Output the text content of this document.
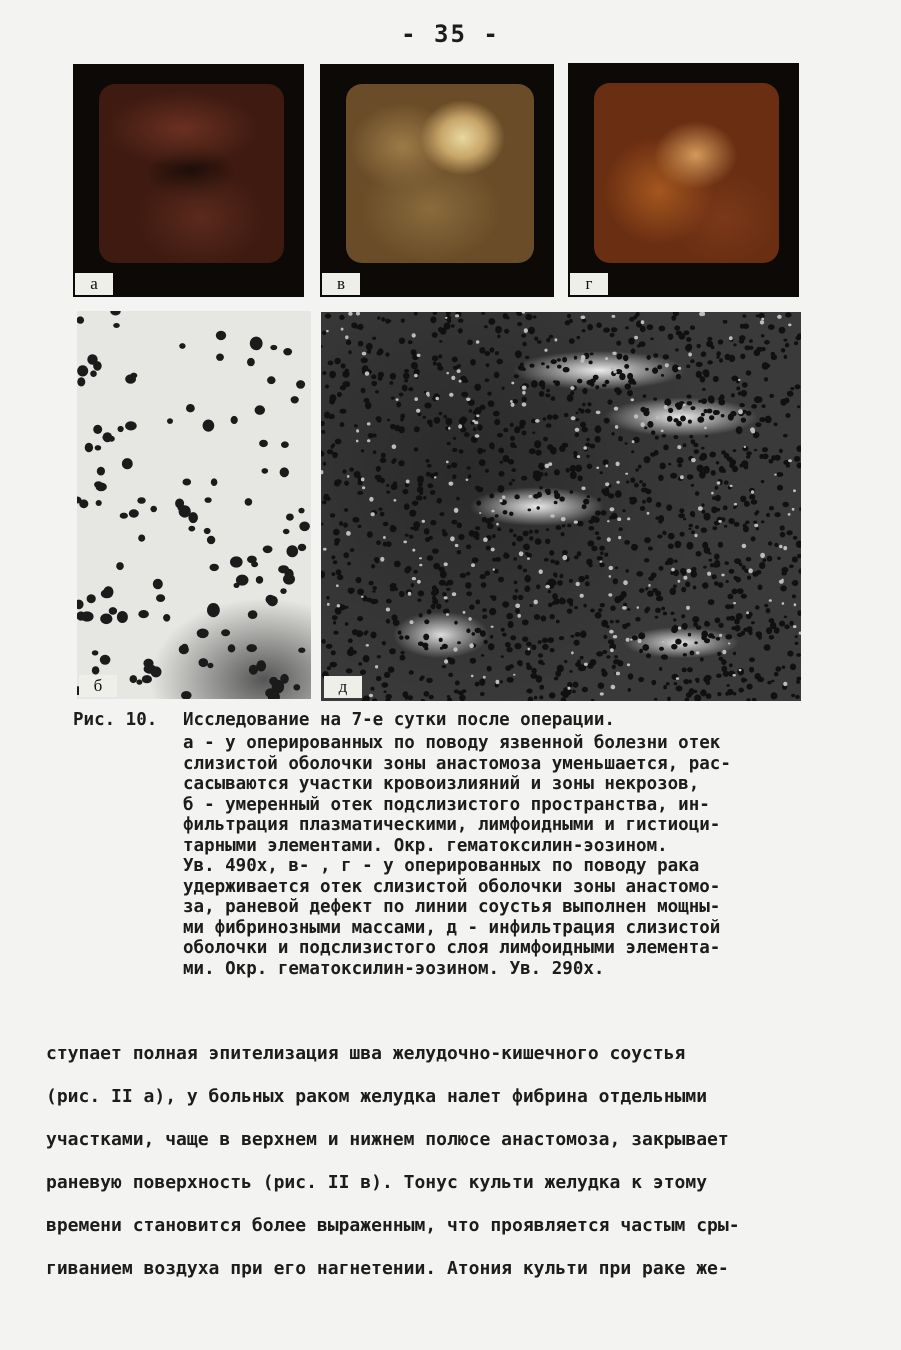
- 35 -
а	в	г
б	д
Рис. 10.	Исследование на 7-е сутки после операции.
а - у оперированных по поводу язвенной болезни отек
слизистой оболочки зоны анастомоза уменьшается, рас-
сасываются участки кровоизлияний и зоны некрозов,
б - умеренный отек подслизистого пространства, ин-
фильтрация плазматическими, лимфоидными и гистиоци-
тарными элементами. Окр. гематоксилин-эозином.
Ув. 490х, в- , г - у оперированных по поводу рака
удерживается отек слизистой оболочки зоны анастомо-
за, раневой дефект по линии соустья выполнен мощны-
ми фибринозными массами, д - инфильтрация слизистой
оболочки и подслизистого слоя лимфоидными элемента-
ми. Окр. гематоксилин-эозином. Ув. 290х.
ступает полная эпителизация шва желудочно-кишечного соустья
(рис. II а), у больных раком желудка налет фибрина отдельными
участками, чаще в верхнем и нижнем полюсе анастомоза, закрывает
раневую поверхность (рис. II в). Тонус культи желудка к этому
времени становится более выраженным, что проявляется частым сры-
гиванием воздуха при его нагнетении. Атония культи при раке же-
